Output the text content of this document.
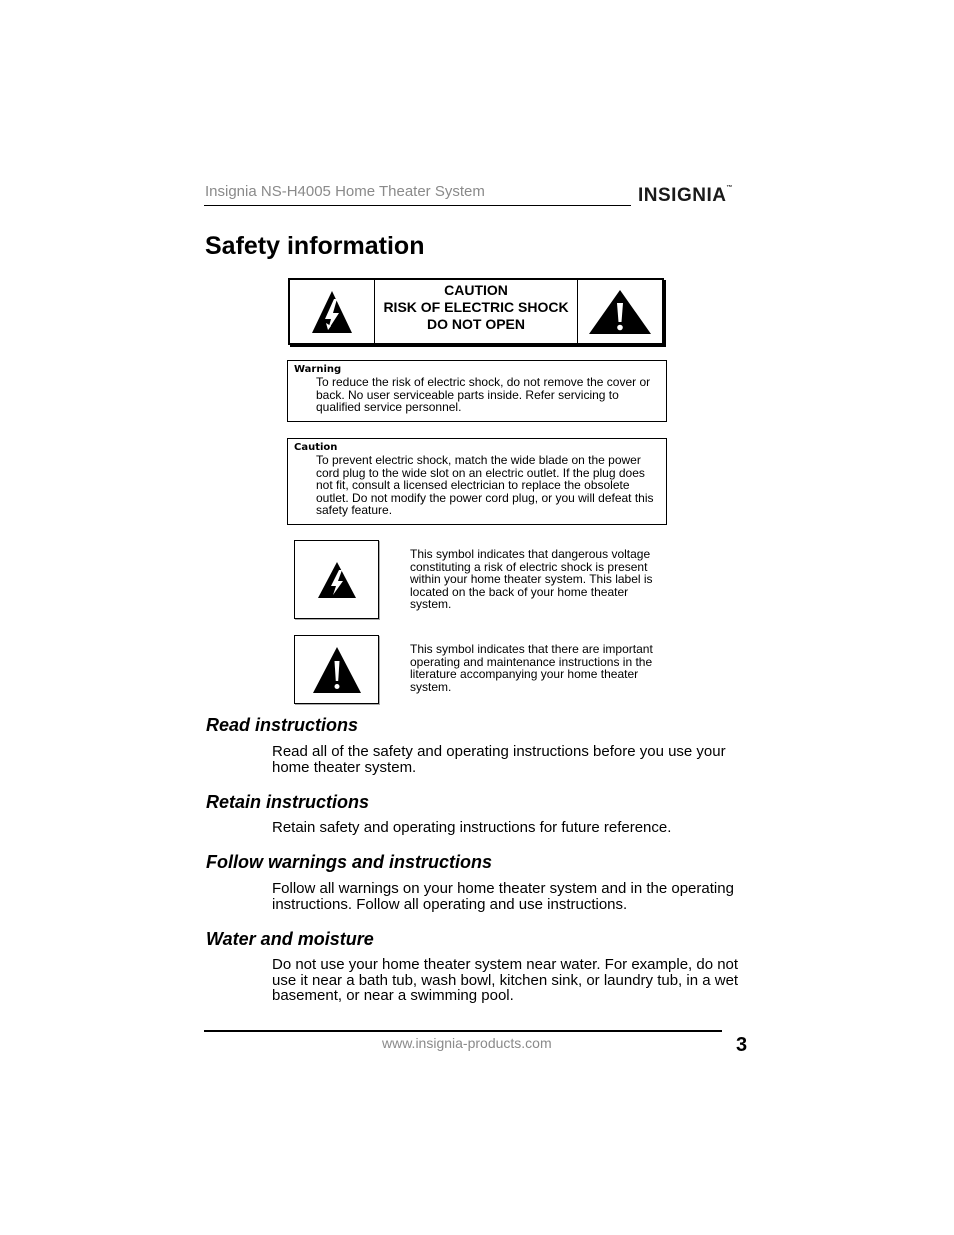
Insignia NS-H4005 Home Theater System	INSIGNIA™
Safety information
CAUTION
RISK OF ELECTRIC SHOCK
DO NOT OPEN
Warning
To reduce the risk of electric shock, do not remove the cover or back. No user serviceable parts inside. Refer servicing to qualified service personnel.
Caution
To prevent electric shock, match the wide blade on the power cord plug to the wide slot on an electric outlet. If the plug does not fit, consult a licensed electrician to replace the obsolete outlet. Do not modify the power cord plug, or you will defeat this safety feature.
This symbol indicates that dangerous voltage constituting a risk of electric shock is present within your home theater system. This label is located on the back of your home theater system.
This symbol indicates that there are important operating and maintenance instructions in the literature accompanying your home theater system.
Read instructions
Read all of the safety and operating instructions before you use your home theater system.
Retain instructions
Retain safety and operating instructions for future reference.
Follow warnings and instructions
Follow all warnings on your home theater system and in the operating instructions. Follow all operating and use instructions.
Water and moisture
Do not use your home theater system near water. For example, do not use it near a bath tub, wash bowl, kitchen sink, or laundry tub, in a wet basement, or near a swimming pool.
www.insignia-products.com	3
